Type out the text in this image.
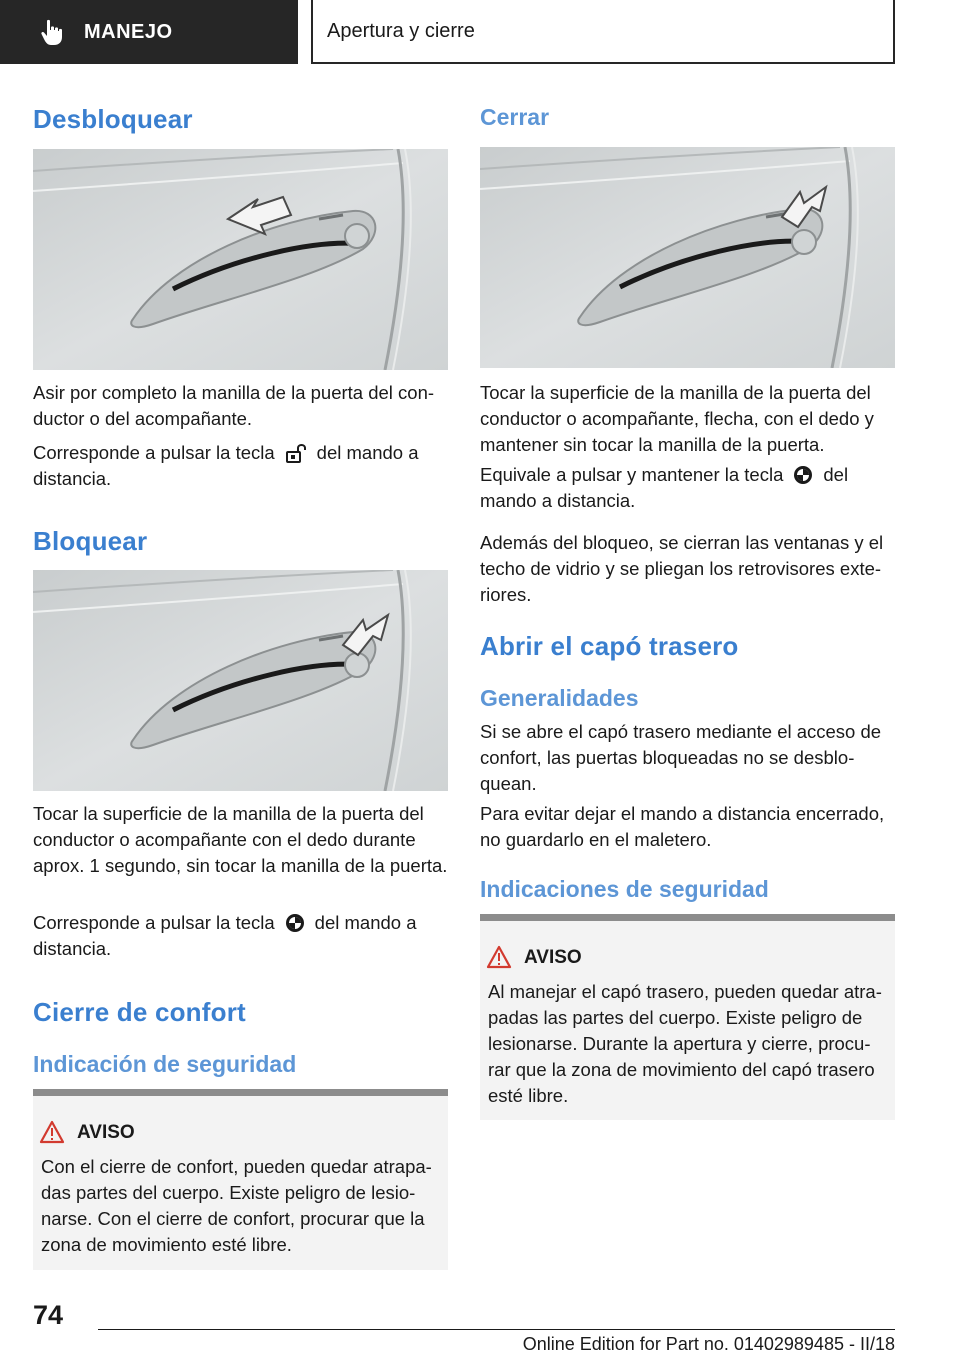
MANEJO	Apertura y cierre
Desbloquear

Asir por completo la manilla de la puerta del con-ductor o del acompañante.

Corresponde a pulsar la tecla del mando a distancia.

Bloquear

Tocar la superficie de la manilla de la puerta del conductor o acompañante con el dedo durante aprox. 1 segundo, sin tocar la manilla de la puerta.

Corresponde a pulsar la tecla del mando a distancia.

Cierre de confort
Indicación de seguridad
AVISO

Con el cierre de confort, pueden quedar atrapa-das partes del cuerpo. Existe peligro de lesio-narse. Con el cierre de confort, procurar que la zona de movimiento esté libre.

Cerrar

Tocar la superficie de la manilla de la puerta del conductor o acompañante, flecha, con el dedo y mantener sin tocar la manilla de la puerta.

Equivale a pulsar y mantener la tecla del mando a distancia.

Además del bloqueo, se cierran las ventanas y el techo de vidrio y se pliegan los retrovisores exte-riores.

Abrir el capó trasero
Generalidades

Si se abre el capó trasero mediante el acceso de confort, las puertas bloqueadas no se desblo-quean.

Para evitar dejar el mando a distancia encerrado, no guardarlo en el maletero.

Indicaciones de seguridad
AVISO

Al manejar el capó trasero, pueden quedar atra-padas las partes del cuerpo. Existe peligro de lesionarse. Durante la apertura y cierre, procu-rar que la zona de movimiento del capó trasero esté libre.

74
Online Edition for Part no. 01402989485 - II/18
